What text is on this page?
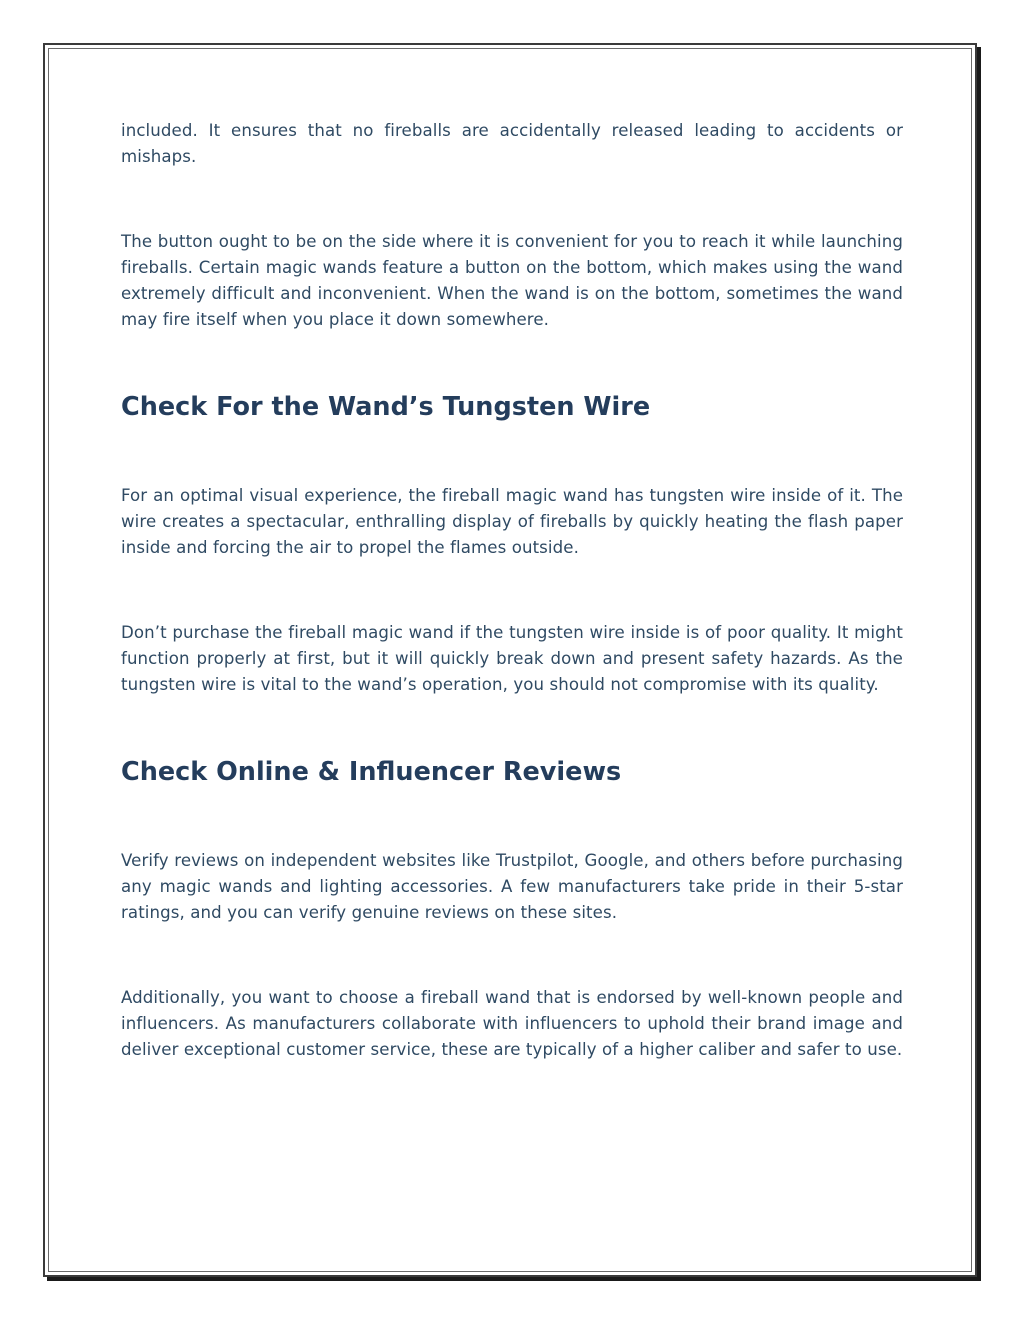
included. It ensures that no fireballs are accidentally released leading to accidents or mishaps.

The button ought to be on the side where it is convenient for you to reach it while launching fireballs. Certain magic wands feature a button on the bottom, which makes using the wand extremely difficult and inconvenient. When the wand is on the bottom, sometimes the wand may fire itself when you place it down somewhere.

Check For the Wand’s Tungsten Wire

For an optimal visual experience, the fireball magic wand has tungsten wire inside of it. The wire creates a spectacular, enthralling display of fireballs by quickly heating the flash paper inside and forcing the air to propel the flames outside.

Don’t purchase the fireball magic wand if the tungsten wire inside is of poor quality. It might function properly at first, but it will quickly break down and present safety hazards. As the tungsten wire is vital to the wand’s operation, you should not compromise with its quality.

Check Online & Influencer Reviews

Verify reviews on independent websites like Trustpilot, Google, and others before purchasing any magic wands and lighting accessories. A few manufacturers take pride in their 5-star ratings, and you can verify genuine reviews on these sites.

Additionally, you want to choose a fireball wand that is endorsed by well-known people and influencers. As manufacturers collaborate with influencers to uphold their brand image and deliver exceptional customer service, these are typically of a higher caliber and safer to use.
